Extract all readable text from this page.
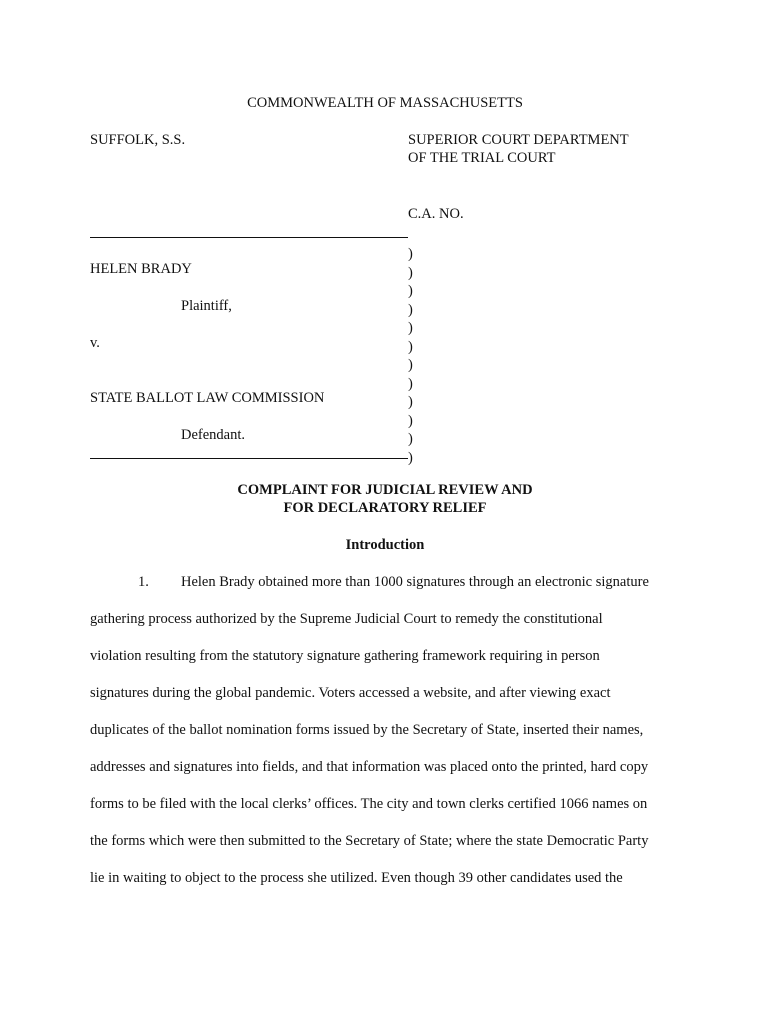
COMMONWEALTH OF MASSACHUSETTS
SUFFOLK, S.S.	SUPERIOR COURT DEPARTMENT
OF THE TRIAL COURT
C.A. NO.
HELEN BRADY
Plaintiff,
v.
STATE BALLOT LAW COMMISSION
Defendant.
)
)
)
)
)
)
)
)
)
)
)
)
COMPLAINT FOR JUDICIAL REVIEW AND
FOR DECLARATORY RELIEF
Introduction
1. Helen Brady obtained more than 1000 signatures through an electronic signature
gathering process authorized by the Supreme Judicial Court to remedy the constitutional
violation resulting from the statutory signature gathering framework requiring in person
signatures during the global pandemic. Voters accessed a website, and after viewing exact
duplicates of the ballot nomination forms issued by the Secretary of State, inserted their names,
addresses and signatures into fields, and that information was placed onto the printed, hard copy
forms to be filed with the local clerks’ offices. The city and town clerks certified 1066 names on
the forms which were then submitted to the Secretary of State; where the state Democratic Party
lie in waiting to object to the process she utilized. Even though 39 other candidates used the
